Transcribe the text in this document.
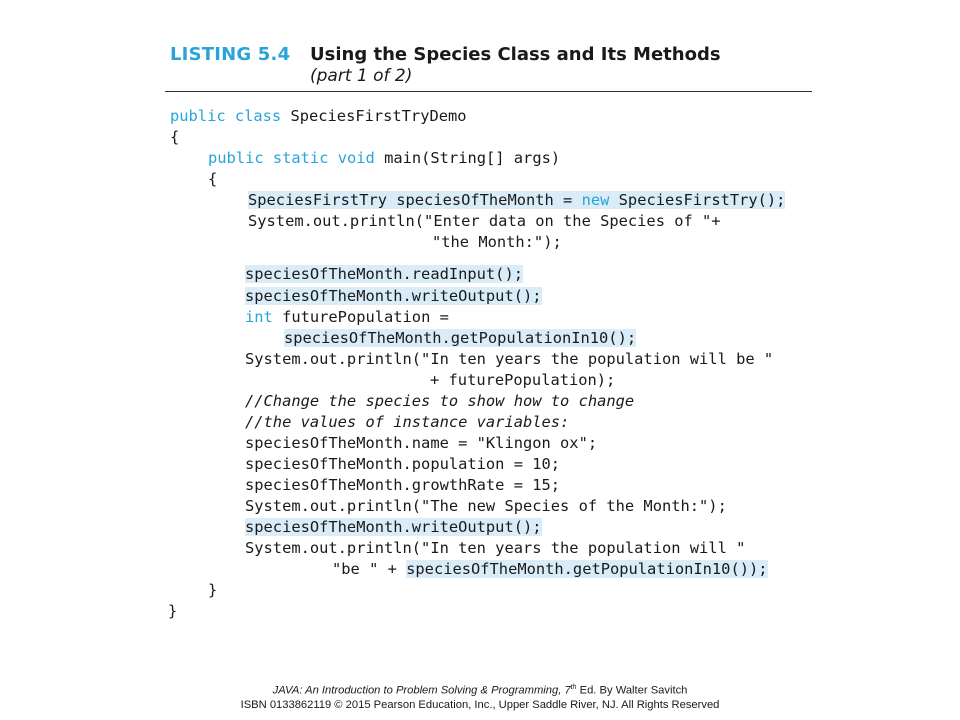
LISTING 5.4 Using the Species Class and Its Methods
(part 1 of 2)
public class SpeciesFirstTryDemo
{
public static void main(String[] args)
{
SpeciesFirstTry speciesOfTheMonth = new SpeciesFirstTry();
System.out.println("Enter data on the Species of "+
"the Month:");
speciesOfTheMonth.readInput();
speciesOfTheMonth.writeOutput();
int futurePopulation =
speciesOfTheMonth.getPopulationIn10();
System.out.println("In ten years the population will be "
+ futurePopulation);
//Change the species to show how to change
//the values of instance variables:
speciesOfTheMonth.name = "Klingon ox";
speciesOfTheMonth.population = 10;
speciesOfTheMonth.growthRate = 15;
System.out.println("The new Species of the Month:");
speciesOfTheMonth.writeOutput();
System.out.println("In ten years the population will "
"be " + speciesOfTheMonth.getPopulationIn10());
}
}
JAVA: An Introduction to Problem Solving & Programming, 7th Ed. By Walter Savitch
ISBN 0133862119 © 2015 Pearson Education, Inc., Upper Saddle River, NJ. All Rights Reserved
